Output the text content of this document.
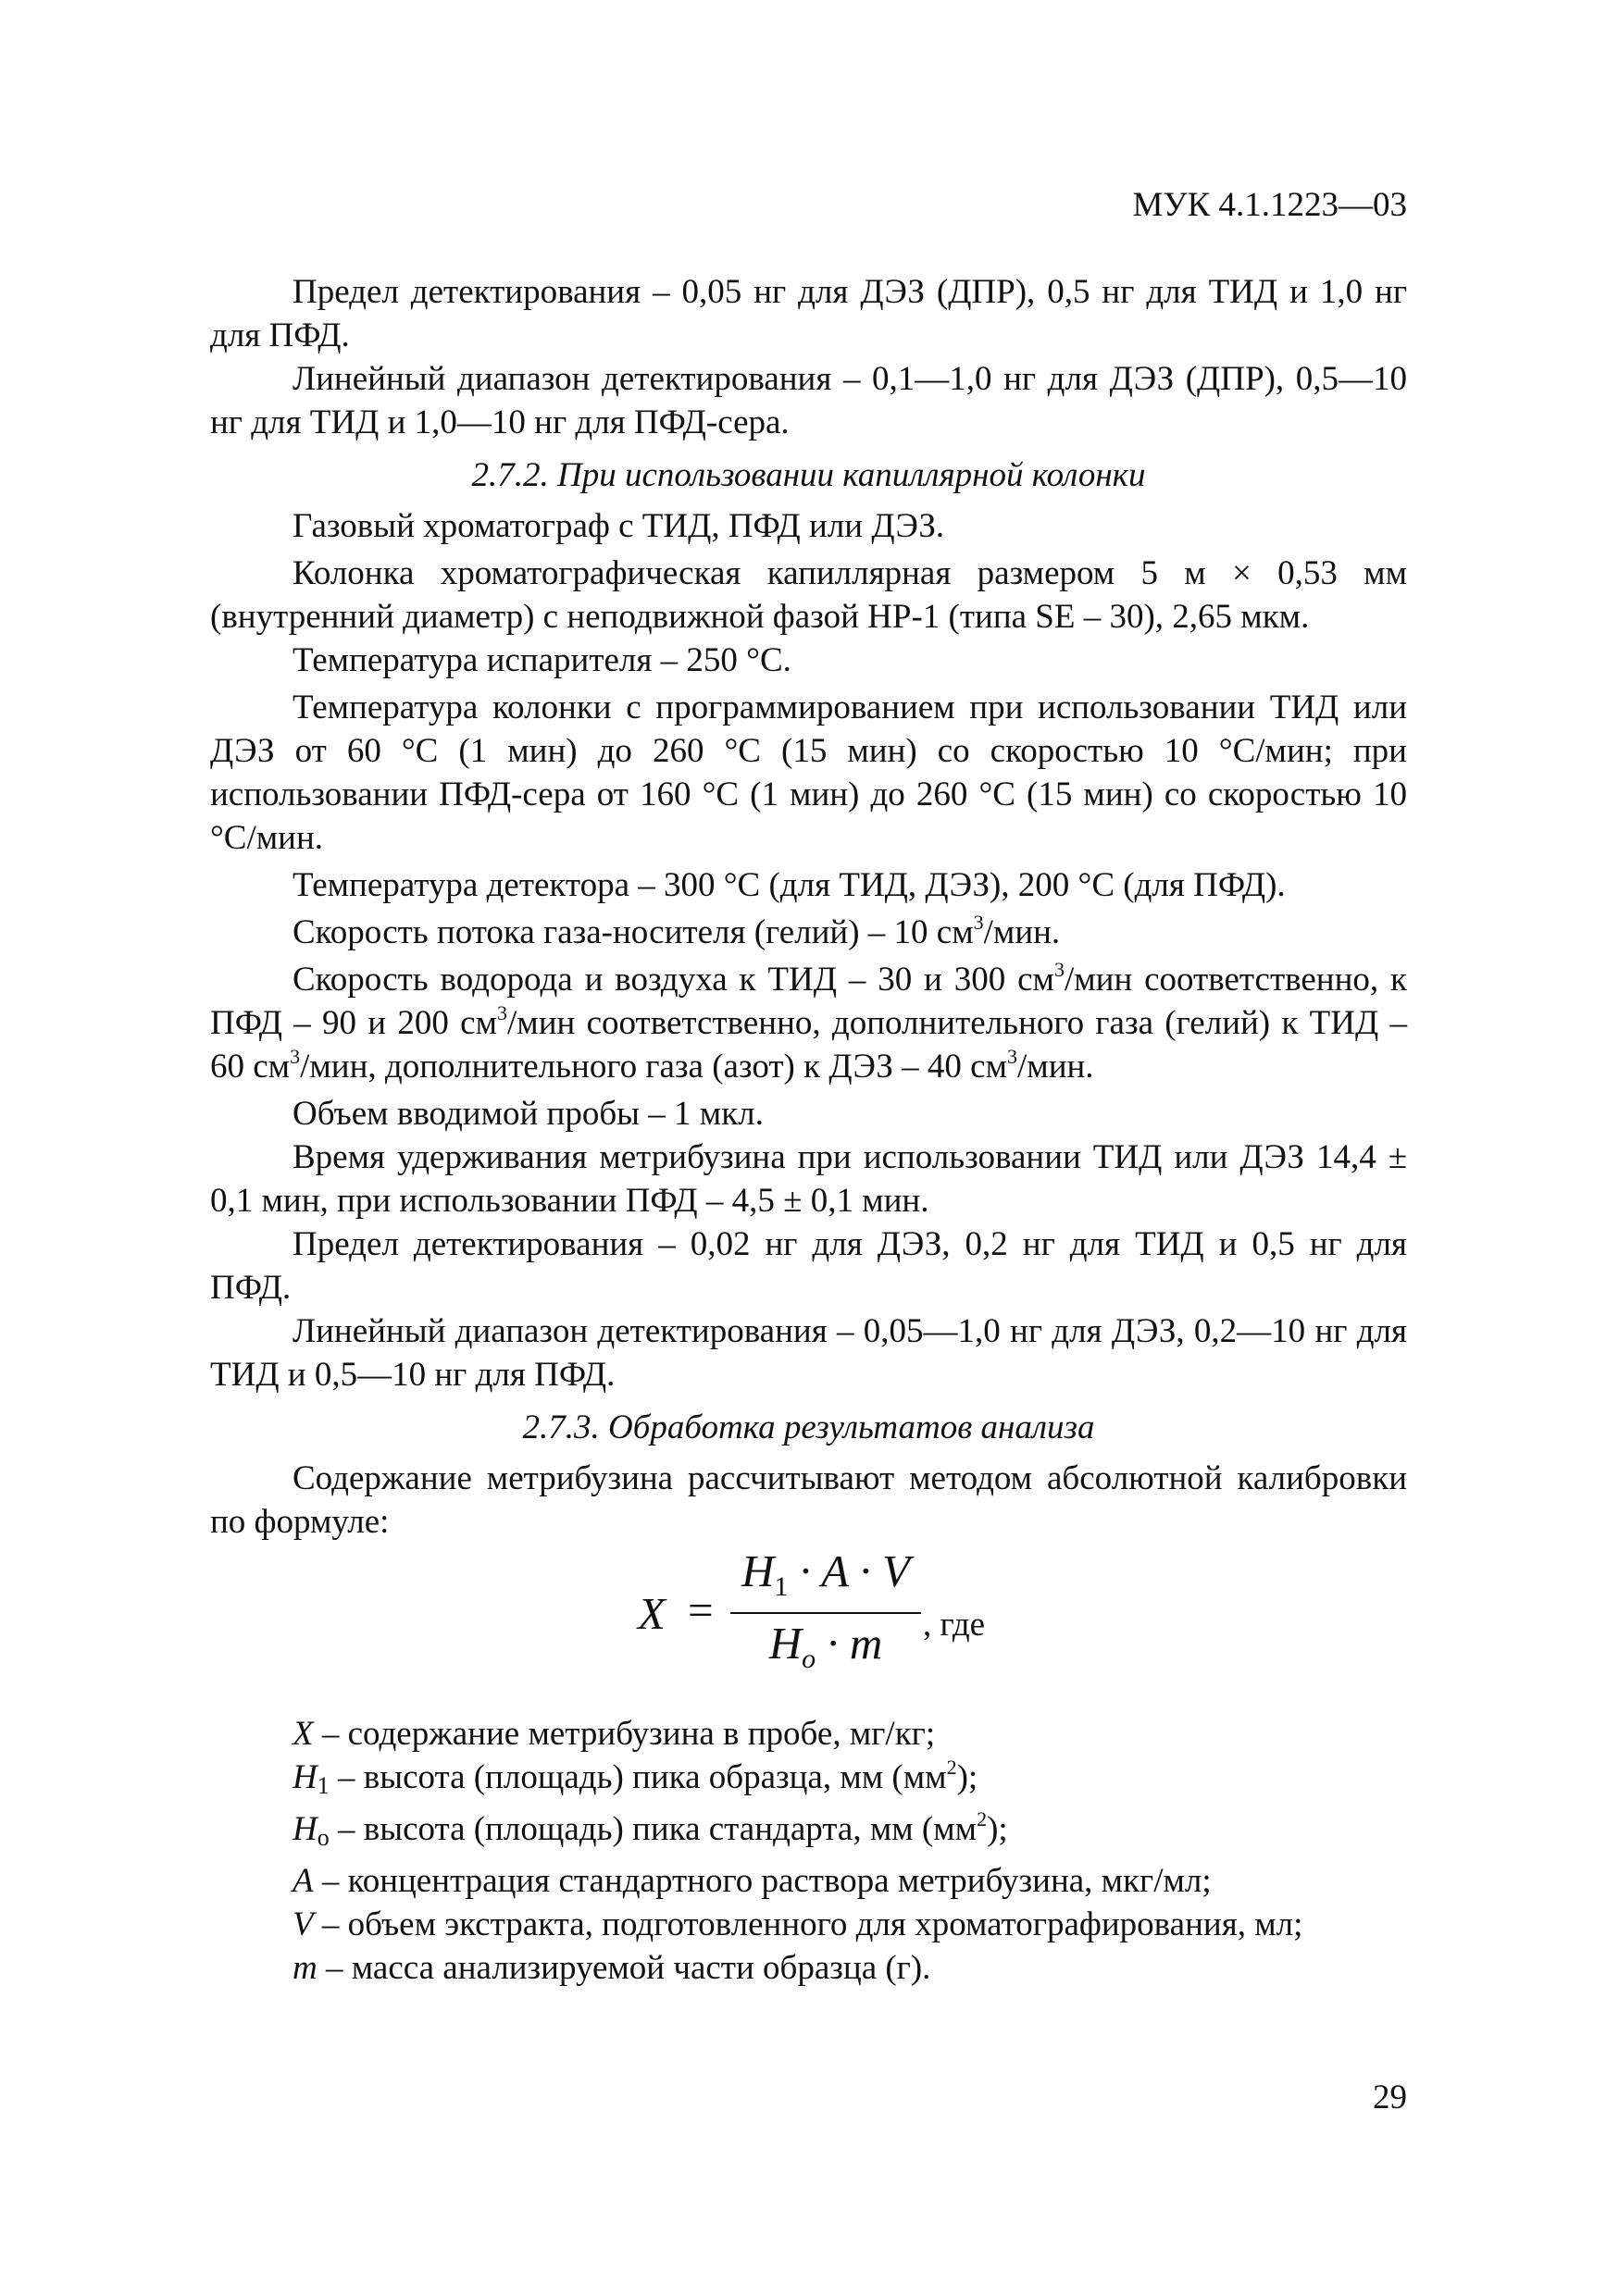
МУК 4.1.1223—03

Предел детектирования – 0,05 нг для ДЭЗ (ДПР), 0,5 нг для ТИД и 1,0 нг для ПФД.

Линейный диапазон детектирования – 0,1—1,0 нг для ДЭЗ (ДПР), 0,5—10 нг для ТИД и 1,0—10 нг для ПФД-сера.

2.7.2. При использовании капиллярной колонки

Газовый хроматограф с ТИД, ПФД или ДЭЗ.

Колонка хроматографическая капиллярная размером 5 м × 0,53 мм (внутренний диаметр) с неподвижной фазой HP-1 (типа SE – 30), 2,65 мкм.

Температура испарителя – 250 °С.

Температура колонки с программированием при использовании ТИД или ДЭЗ от 60 °С (1 мин) до 260 °С (15 мин) со скоростью 10 °С/мин; при использовании ПФД-сера от 160 °С (1 мин) до 260 °С (15 мин) со скоростью 10 °С/мин.

Температура детектора – 300 °С (для ТИД, ДЭЗ), 200 °С (для ПФД).

Скорость потока газа-носителя (гелий) – 10 $см^3$/мин.

Скорость водорода и воздуха к ТИД – 30 и 300 $см^3$/мин соответственно, к ПФД – 90 и 200 $см^3$/мин соответственно, дополнительного газа (гелий) к ТИД – 60 $см^3$/мин, дополнительного газа (азот) к ДЭЗ – 40 $см^3$/мин.

Объем вводимой пробы – 1 мкл.

Время удерживания метрибузина при использовании ТИД или ДЭЗ 14,4 ± 0,1 мин, при использовании ПФД – 4,5 ± 0,1 мин.

Предел детектирования – 0,02 нг для ДЭЗ, 0,2 нг для ТИД и 0,5 нг для ПФД.

Линейный диапазон детектирования – 0,05—1,0 нг для ДЭЗ, 0,2—10 нг для ТИД и 0,5—10 нг для ПФД.

2.7.3. Обработка результатов анализа

Содержание метрибузина рассчитывают методом абсолютной калибровки по формуле:

X =
$H_1 \cdot A \cdot V$
$H_o \cdot m$	, где

X – содержание метрибузина в пробе, мг/кг;

H1 – высота (площадь) пика образца, мм $(мм^2)$;

Ho – высота (площадь) пика стандарта, мм $(мм^2)$;

A – концентрация стандартного раствора метрибузина, мкг/мл;

V – объем экстракта, подготовленного для хроматографирования, мл;

m – масса анализируемой части образца (г).

29
